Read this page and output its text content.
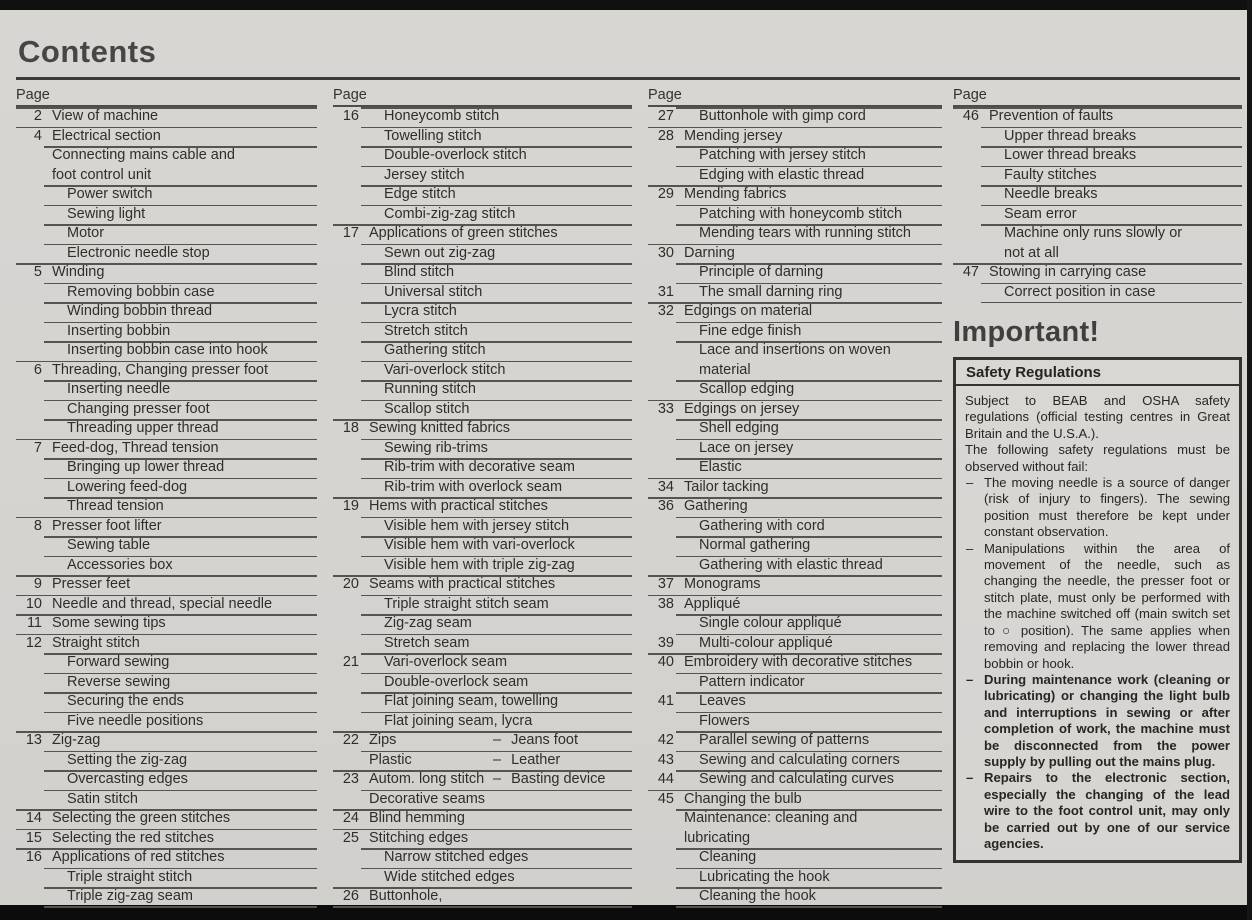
Contents
Page
2 View of machine
4 Electrical section
Connecting mains cable and
foot control unit
Power switch
Sewing light
Motor
Electronic needle stop
5 Winding
Removing bobbin case
Winding bobbin thread
Inserting bobbin
Inserting bobbin case into hook
6 Threading, Changing presser foot
Inserting needle
Changing presser foot
Threading upper thread
7 Feed-dog, Thread tension
Bringing up lower thread
Lowering feed-dog
Thread tension
8 Presser foot lifter
Sewing table
Accessories box
9 Presser feet
10 Needle and thread, special needle
11 Some sewing tips
12 Straight stitch
Forward sewing
Reverse sewing
Securing the ends
Five needle positions
13 Zig-zag
Setting the zig-zag
Overcasting edges
Satin stitch
14 Selecting the green stitches
15 Selecting the red stitches
16 Applications of red stitches
Triple straight stitch
Triple zig-zag seam
Page
16 Honeycomb stitch
Towelling stitch
Double-overlock stitch
Jersey stitch
Edge stitch
Combi-zig-zag stitch
17 Applications of green stitches
Sewn out zig-zag
Blind stitch
Universal stitch
Lycra stitch
Stretch stitch
Gathering stitch
Vari-overlock stitch
Running stitch
Scallop stitch
18 Sewing knitted fabrics
Sewing rib-trims
Rib-trim with decorative seam
Rib-trim with overlock seam
19 Hems with practical stitches
Visible hem with jersey stitch
Visible hem with vari-overlock
Visible hem with triple zig-zag
20 Seams with practical stitches
Triple straight stitch seam
Zig-zag seam
Stretch seam
21 Vari-overlock seam
Double-overlock seam
Flat joining seam, towelling
Flat joining seam, lycra
22 Zips	– Jeans foot
Plastic	– Leather
23 Autom. long stitch – Basting device
Decorative seams
24 Blind hemming
25 Stitching edges
Narrow stitched edges
Wide stitched edges
26 Buttonhole,
Page
27 Buttonhole with gimp cord
28 Mending jersey
Patching with jersey stitch
Edging with elastic thread
29 Mending fabrics
Patching with honeycomb stitch
Mending tears with running stitch
30 Darning
Principle of darning
31 The small darning ring
32 Edgings on material
Fine edge finish
Lace and insertions on woven
material
Scallop edging
33 Edgings on jersey
Shell edging
Lace on jersey
Elastic
34 Tailor tacking
36 Gathering
Gathering with cord
Normal gathering
Gathering with elastic thread
37 Monograms
38 Appliqué
Single colour appliqué
39 Multi-colour appliqué
40 Embroidery with decorative stitches
Pattern indicator
41 Leaves
Flowers
42 Parallel sewing of patterns
43 Sewing and calculating corners
44 Sewing and calculating curves
45 Changing the bulb
Maintenance: cleaning and
lubricating
Cleaning
Lubricating the hook
Cleaning the hook
Page
46 Prevention of faults
Upper thread breaks
Lower thread breaks
Faulty stitches
Needle breaks
Seam error
Machine only runs slowly or
not at all
47 Stowing in carrying case
Correct position in case
Important!
Safety Regulations
Subject to BEAB and OSHA safety regulations (official testing centres in Great Britain and the U.S.A.).
The following safety regulations must be observed without fail:
– The moving needle is a source of danger (risk of injury to fingers). The sewing position must therefore be kept under constant observation.
– Manipulations within the area of movement of the needle, such as changing the needle, the presser foot or stitch plate, must only be performed with the machine switched off (main switch set to ○ position). The same applies when removing and replacing the lower thread bobbin or hook.
– During maintenance work (cleaning or lubricating) or changing the light bulb and interruptions in sewing or after completion of work, the machine must be disconnected from the power supply by pulling out the mains plug.
– Repairs to the electronic section, especially the changing of the lead wire to the foot control unit, may only be carried out by one of our service agencies.
